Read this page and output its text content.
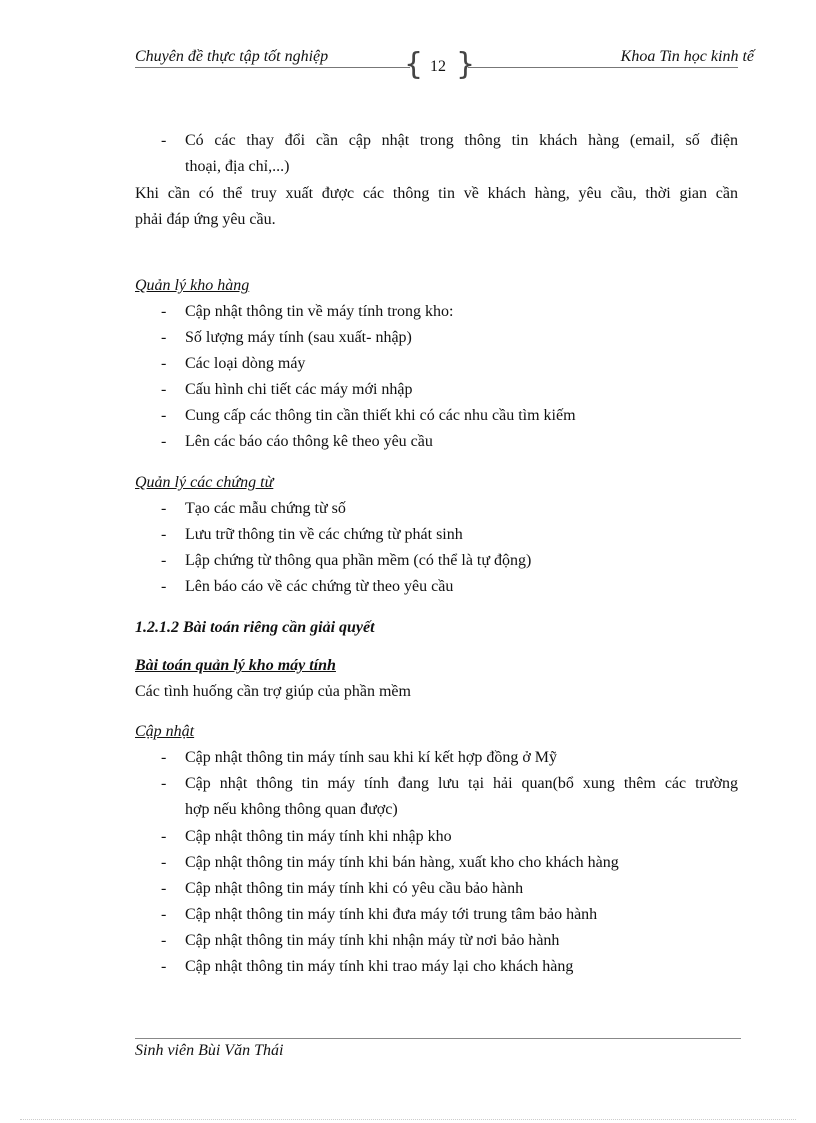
Chuyên đề thực tập tốt nghiệp	Khoa Tin học kinh tế
{ }
12
- Có các thay đổi cần cập nhật trong thông tin khách hàng (email, số điện
thoại, địa chỉ,...)
Khi cần có thể truy xuất được các thông tin về khách hàng, yêu cầu, thời gian cần
phải đáp ứng yêu cầu.
Quản lý kho hàng
- Cập nhật thông tin về máy tính trong kho:
- Số lượng máy tính (sau xuất- nhập)
- Các loại dòng máy
- Cấu hình chi tiết các máy mới nhập
- Cung cấp các thông tin cần thiết khi có các nhu cầu tìm kiếm
- Lên các báo cáo thông kê theo yêu cầu
Quản lý các chứng từ
- Tạo các mẫu chứng từ số
- Lưu trữ thông tin về các chứng từ phát sinh
- Lập chứng từ thông qua phần mềm (có thể là tự động)
- Lên báo cáo về các chứng từ theo yêu cầu
1.2.1.2 Bài toán riêng cần giải quyết
Bài toán quản lý kho máy tính
Các tình huống cần trợ giúp của phần mềm
Cập nhật
- Cập nhật thông tin máy tính sau khi kí kết hợp đồng ở Mỹ
- Cập nhật thông tin máy tính đang lưu tại hải quan(bổ xung thêm các trường
hợp nếu không thông quan được)
- Cập nhật thông tin máy tính khi nhập kho
- Cập nhật thông tin máy tính khi bán hàng, xuất kho cho khách hàng
- Cập nhật thông tin máy tính khi có yêu cầu bảo hành
- Cập nhật thông tin máy tính khi đưa máy tới trung tâm bảo hành
- Cập nhật thông tin máy tính khi nhận máy từ nơi bảo hành
- Cập nhật thông tin máy tính khi trao máy lại cho khách hàng
Sinh viên Bùi Văn Thái
